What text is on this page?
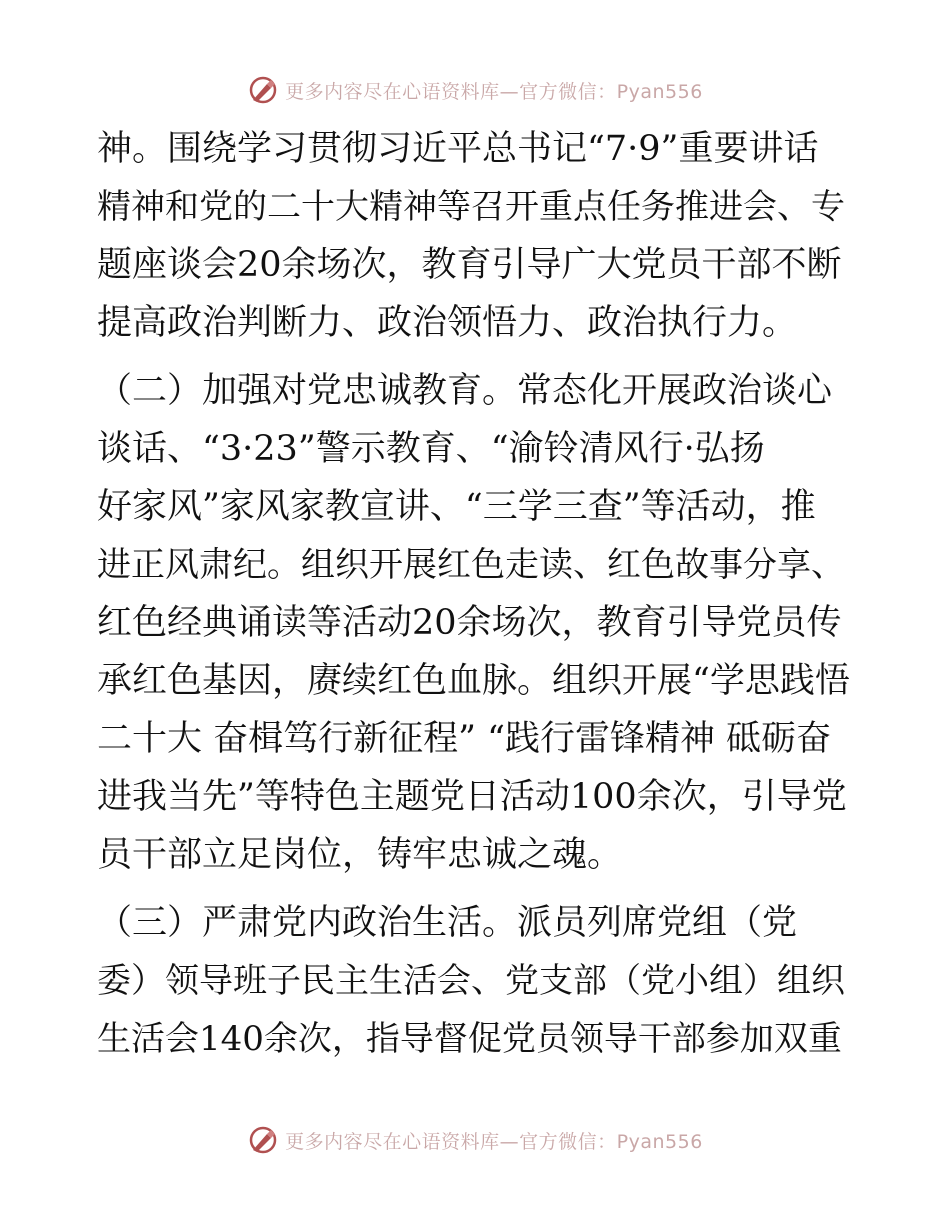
更多内容尽在心语资料库—官方微信：Pyan556
神。围绕学习贯彻习近平总书记“7·9”重要讲话
精神和党的二十大精神等召开重点任务推进会、专
题座谈会20余场次，教育引导广大党员干部不断
提高政治判断力、政治领悟力、政治执行力。
（二）加强对党忠诚教育。常态化开展政治谈心
谈话、“3·23”警示教育、“渝铃清风行·弘扬
好家风”家风家教宣讲、“三学三查”等活动，推
进正风肃纪。组织开展红色走读、红色故事分享、
红色经典诵读等活动20余场次，教育引导党员传
承红色基因，赓续红色血脉。组织开展“学思践悟
二十大 奋楫笃行新征程” “践行雷锋精神 砥砺奋
进我当先”等特色主题党日活动100余次，引导党
员干部立足岗位，铸牢忠诚之魂。
（三）严肃党内政治生活。派员列席党组（党
委）领导班子民主生活会、党支部（党小组）组织
生活会140余次，指导督促党员领导干部参加双重
更多内容尽在心语资料库—官方微信：Pyan556
